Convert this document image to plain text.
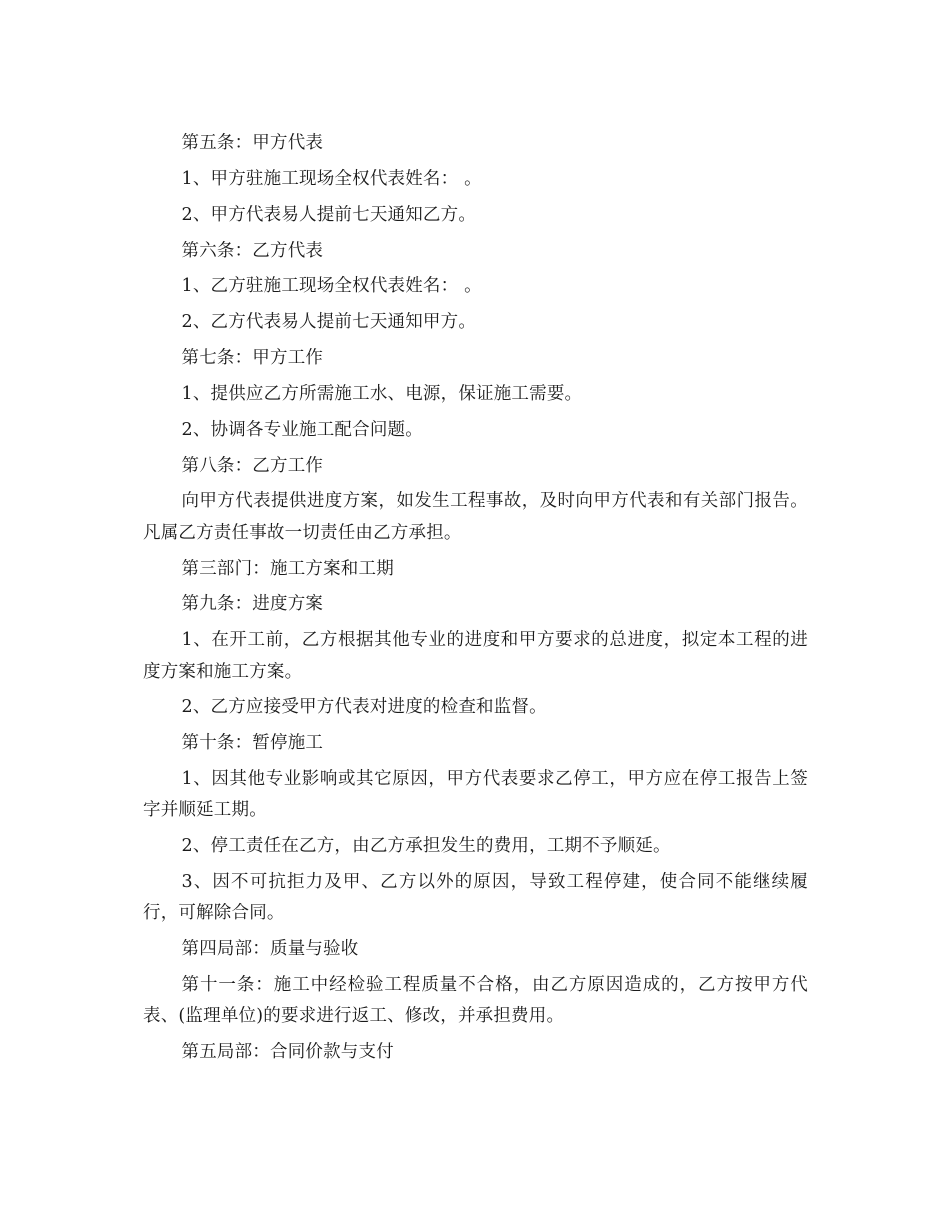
第五条：甲方代表

1、甲方驻施工现场全权代表姓名： 。

2、甲方代表易人提前七天通知乙方。

第六条：乙方代表

1、乙方驻施工现场全权代表姓名： 。

2、乙方代表易人提前七天通知甲方。

第七条：甲方工作

1、提供应乙方所需施工水、电源，保证施工需要。

2、协调各专业施工配合问题。

第八条：乙方工作

向甲方代表提供进度方案，如发生工程事故，及时向甲方代表和有关部门报告。凡属乙方责任事故一切责任由乙方承担。

第三部门：施工方案和工期

第九条：进度方案

1、在开工前，乙方根据其他专业的进度和甲方要求的总进度，拟定本工程的进度方案和施工方案。

2、乙方应接受甲方代表对进度的检查和监督。

第十条：暂停施工

1、因其他专业影响或其它原因，甲方代表要求乙停工，甲方应在停工报告上签字并顺延工期。

2、停工责任在乙方，由乙方承担发生的费用，工期不予顺延。

3、因不可抗拒力及甲、乙方以外的原因，导致工程停建，使合同不能继续履行，可解除合同。

第四局部：质量与验收

第十一条：施工中经检验工程质量不合格，由乙方原因造成的，乙方按甲方代表、(监理单位)的要求进行返工、修改，并承担费用。

第五局部：合同价款与支付
